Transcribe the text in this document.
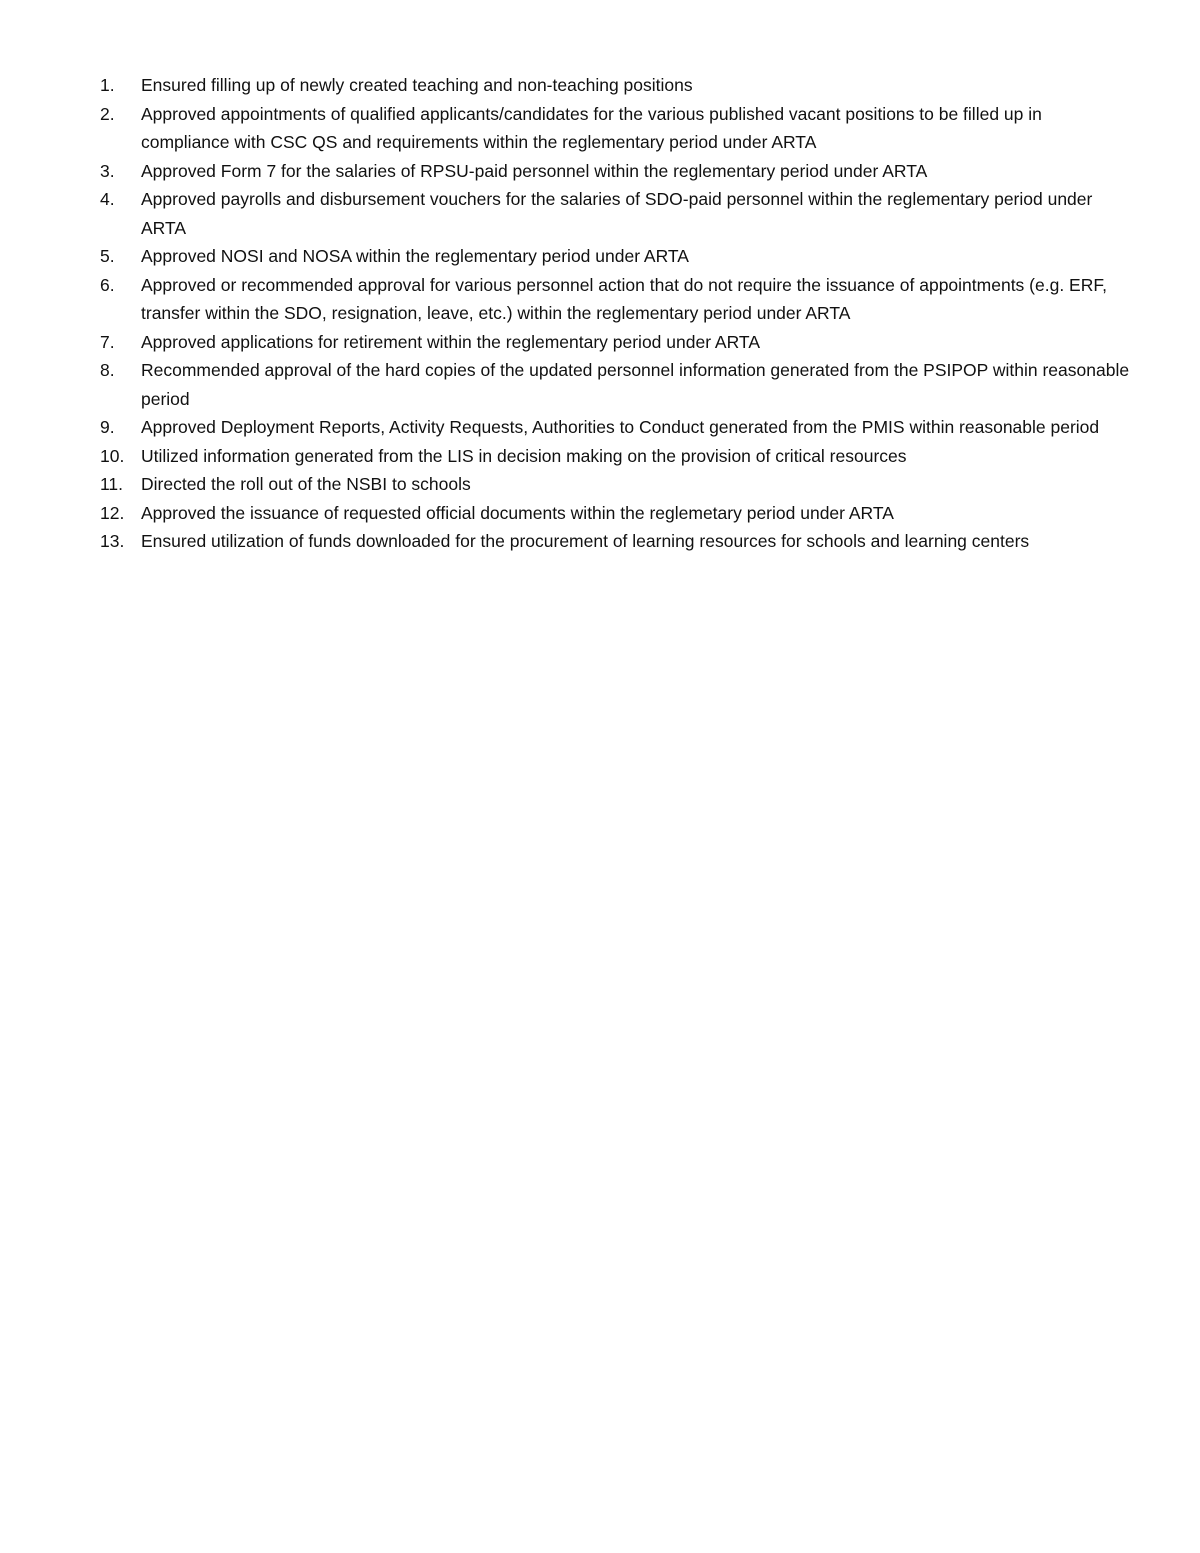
1.	Ensured filling up of newly created teaching and non-teaching positions
2.	Approved appointments of qualified applicants/candidates for the various published vacant positions to be filled up in compliance with CSC QS and requirements within the reglementary period under ARTA
3.	Approved Form 7 for the salaries of RPSU-paid personnel within the reglementary period under ARTA
4.	Approved payrolls and disbursement vouchers for the salaries of SDO-paid personnel within the reglementary period under ARTA
5.	Approved NOSI and NOSA within the reglementary period under ARTA
6.	Approved or recommended approval for various personnel action that do not require the issuance of appointments (e.g. ERF, transfer within the SDO, resignation, leave, etc.) within the reglementary period under ARTA
7.	Approved applications for retirement within the reglementary period under ARTA
8.	Recommended approval of the hard copies of the updated personnel information generated from the PSIPOP within reasonable period
9.	Approved Deployment Reports, Activity Requests, Authorities to Conduct generated from the PMIS within reasonable period
10. Utilized information generated from the LIS in decision making on the provision of critical resources
11.	Directed the roll out of the NSBI to schools
12. Approved the issuance of requested official documents within the reglemetary period under ARTA
13. Ensured utilization of funds downloaded for the procurement of learning resources for schools and learning centers
